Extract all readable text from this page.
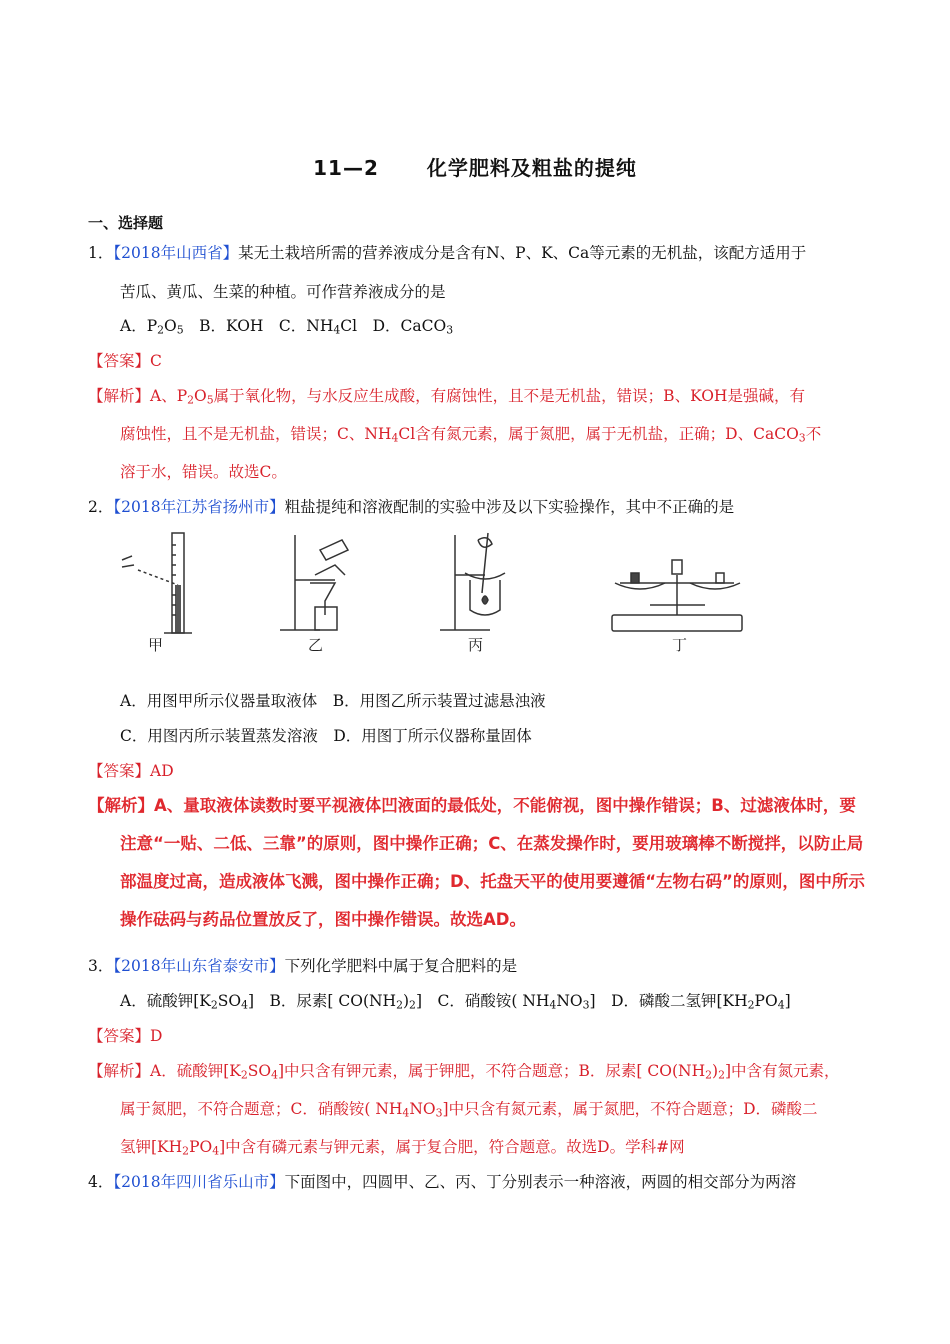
11—2 化学肥料及粗盐的提纯
一、选择题
1．【2018年山西省】某无土栽培所需的营养液成分是含有N、P、K、Ca等元素的无机盐，该配方适用于
苦瓜、黄瓜、生菜的种植。可作营养液成分的是
A．$P_2O_5$　B．KOH　C．$NH_4Cl$　D．CaCO$_3$
【答案】C
【解析】A、$P_2O_5$属于氧化物，与水反应生成酸，有腐蚀性，且不是无机盐，错误；B、KOH是强碱，有
腐蚀性，且不是无机盐，错误；C、$NH_4Cl$含有氮元素，属于氮肥，属于无机盐，正确；D、CaCO$_3$不
溶于水，错误。故选C。
2．【2018年江苏省扬州市】粗盐提纯和溶液配制的实验中涉及以下实验操作，其中不正确的是
甲	乙	丙	丁
A．用图甲所示仪器量取液体　B．用图乙所示装置过滤悬浊液
C．用图丙所示装置蒸发溶液　D．用图丁所示仪器称量固体
【答案】AD
【解析】A、量取液体读数时要平视液体凹液面的最低处，不能俯视，图中操作错误；B、过滤液体时，要
注意“一贴、二低、三靠”的原则，图中操作正确；C、在蒸发操作时，要用玻璃棒不断搅拌，以防止局
部温度过高，造成液体飞溅，图中操作正确；D、托盘天平的使用要遵循“左物右码”的原则，图中所示
操作砝码与药品位置放反了，图中操作错误。故选AD。
3．【2018年山东省泰安市】下列化学肥料中属于复合肥料的是
A．硫酸钾$[K_2SO_4]$　B．尿素[ $CO(NH_2)_2$]　C．硝酸铵( $NH_4NO_3$]　D．磷酸二氢钾$[KH_2PO_4]$
【答案】D
【解析】A．硫酸钾$[K_2SO_4]$中只含有钾元素，属于钾肥，不符合题意；B．尿素[ $CO(NH_2)_2$]中含有氮元素，
属于氮肥，不符合题意；C．硝酸铵( $NH_4NO_3$]中只含有氮元素，属于氮肥，不符合题意；D．磷酸二
氢钾$[KH_2PO_4]$中含有磷元素与钾元素，属于复合肥，符合题意。故选D。学科#网
4．【2018年四川省乐山市】下面图中，四圆甲、乙、丙、丁分别表示一种溶液，两圆的相交部分为两溶
